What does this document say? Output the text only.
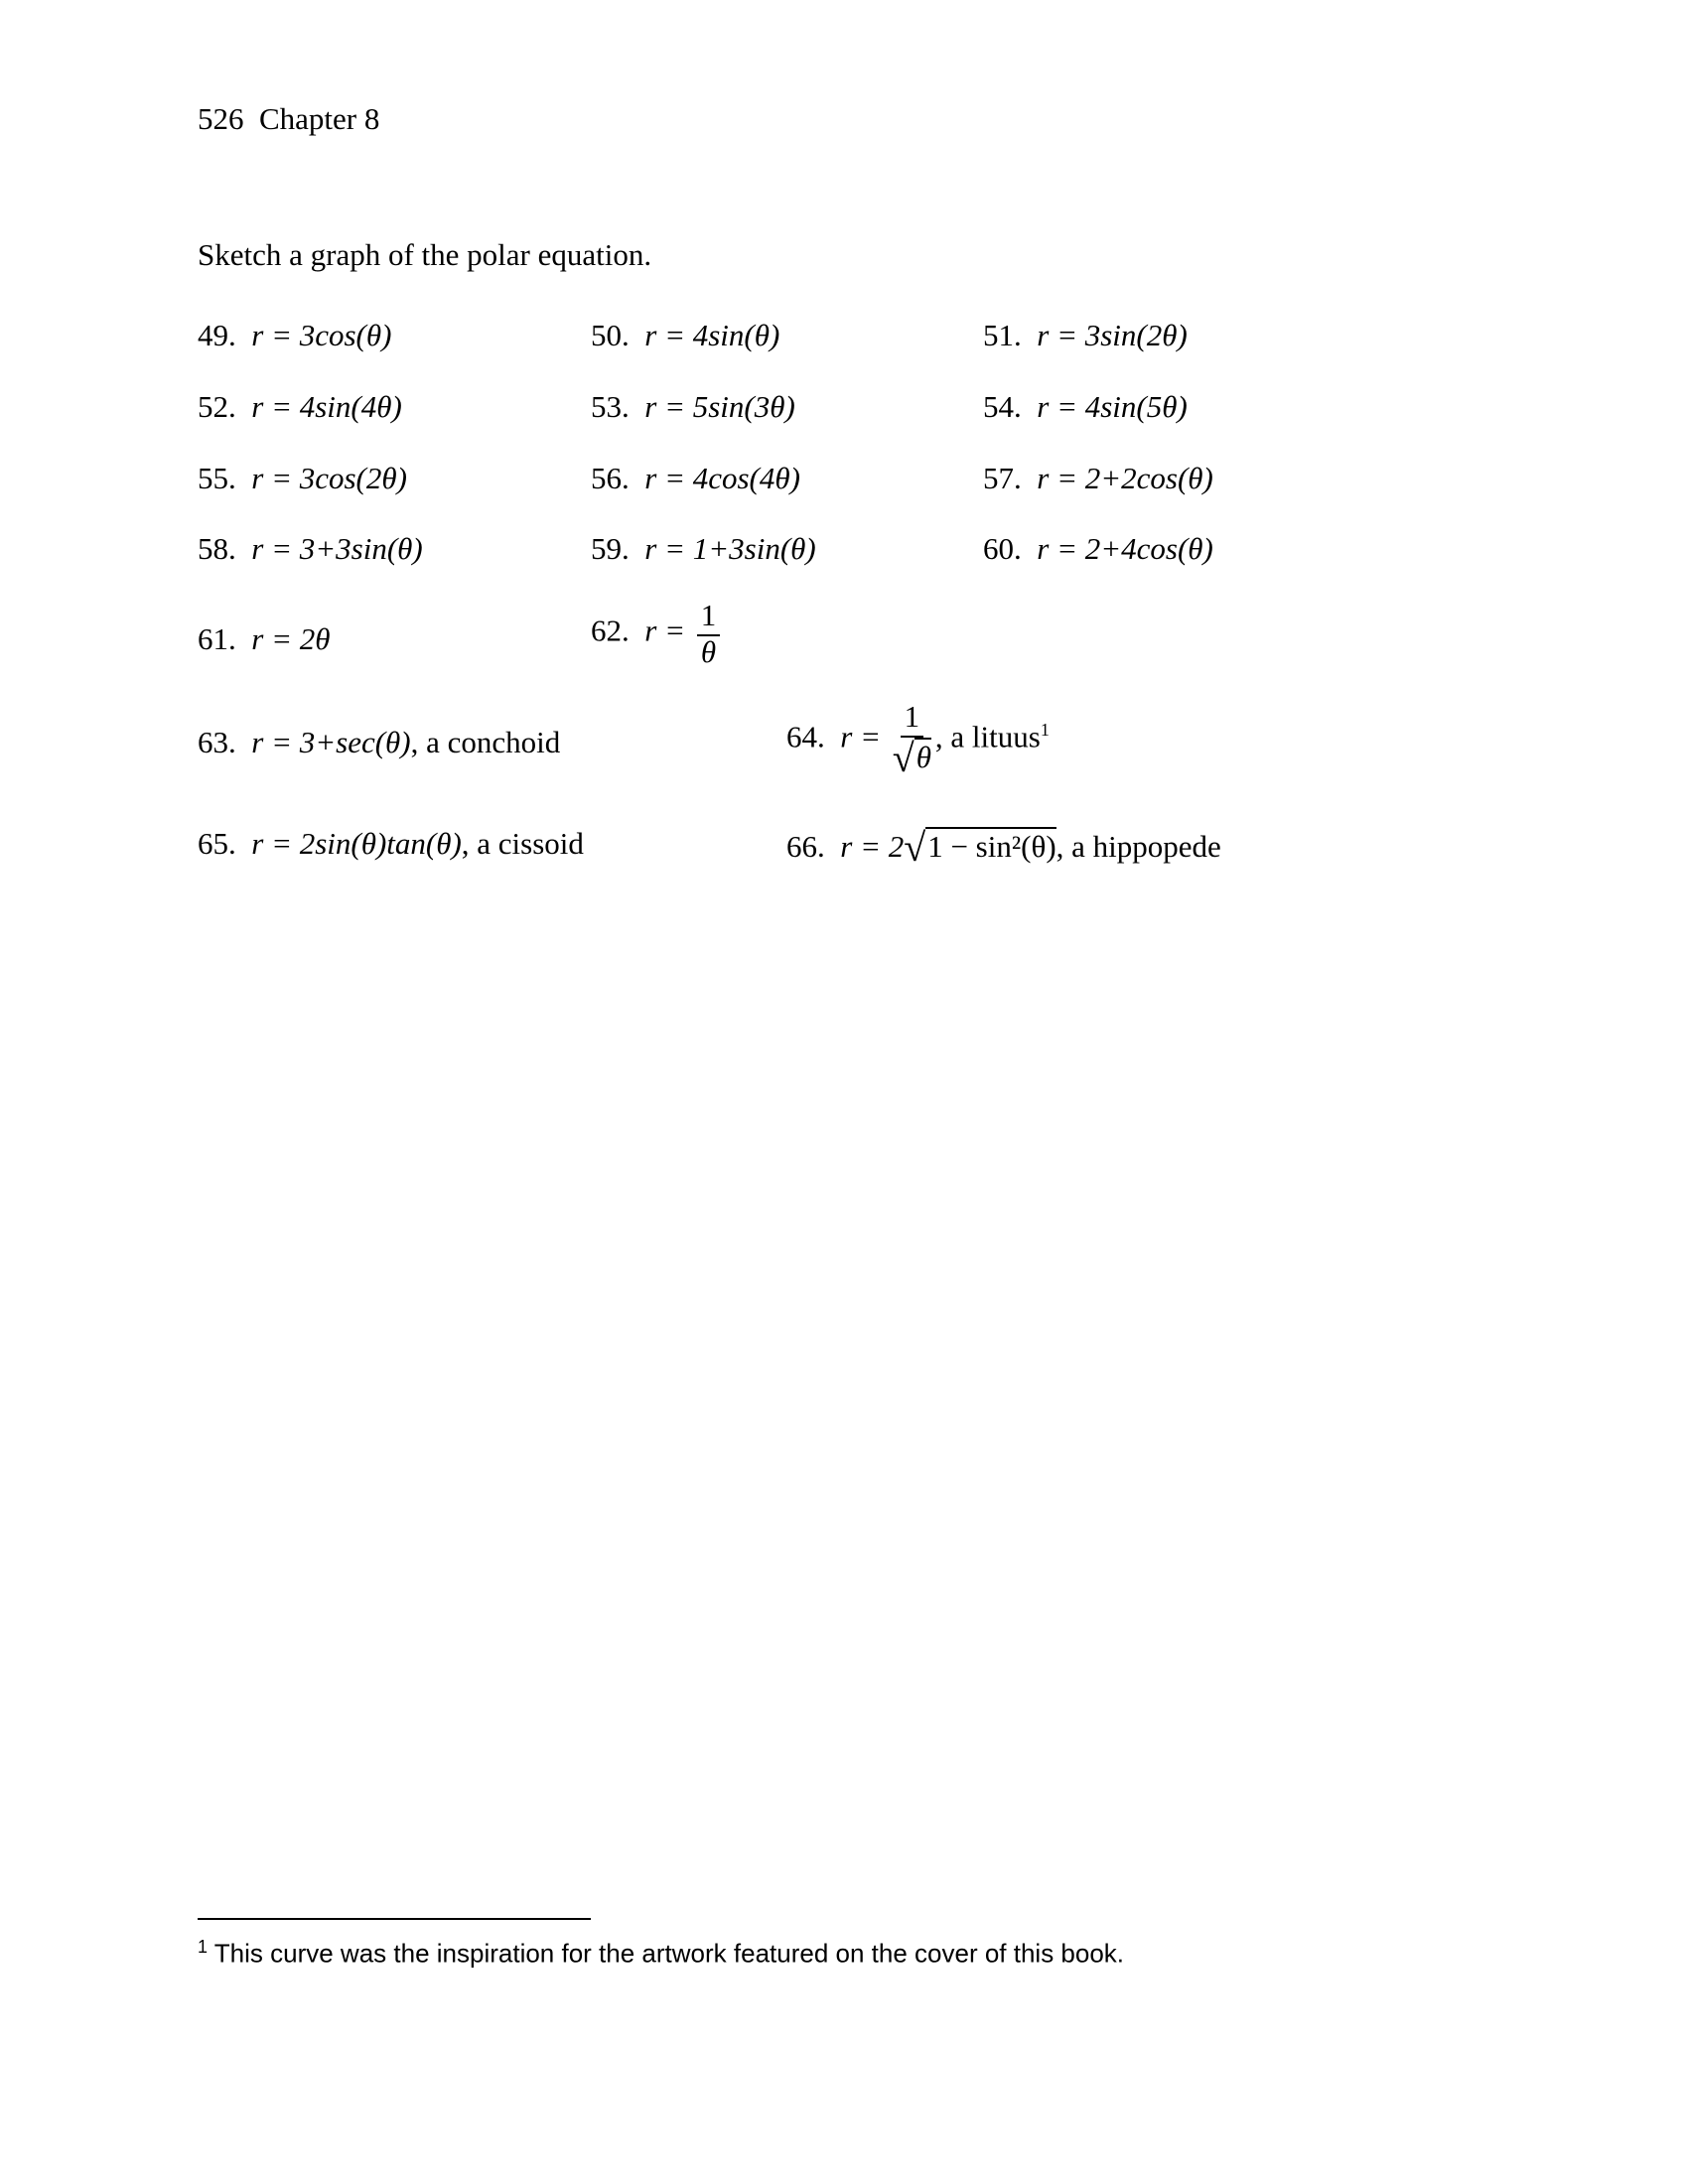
526 Chapter 8
Sketch a graph of the polar equation.
49. r = 3cos(θ)	50. r = 4sin(θ)	51. r = 3sin(2θ)
52. r = 4sin(4θ)	53. r = 5sin(3θ)	54. r = 4sin(5θ)
55. r = 3cos(2θ)	56. r = 4cos(4θ)	57. r = 2+2cos(θ)
58. r = 3+3sin(θ)	59. r = 1+3sin(θ)	60. r = 2+4cos(θ)
61. r = 2θ	62. $r = \frac{1}{\theta}$
63. r = 3+sec(θ), a conchoid	64. $r = \frac{1}{√\theta}$ , a lituus$^1$
65. r = 2sin(θ)tan(θ), a cissoid	66. r = 2√1 − sin²(θ), a hippopede
$^1$ This curve was the inspiration for the artwork featured on the cover of this book.
